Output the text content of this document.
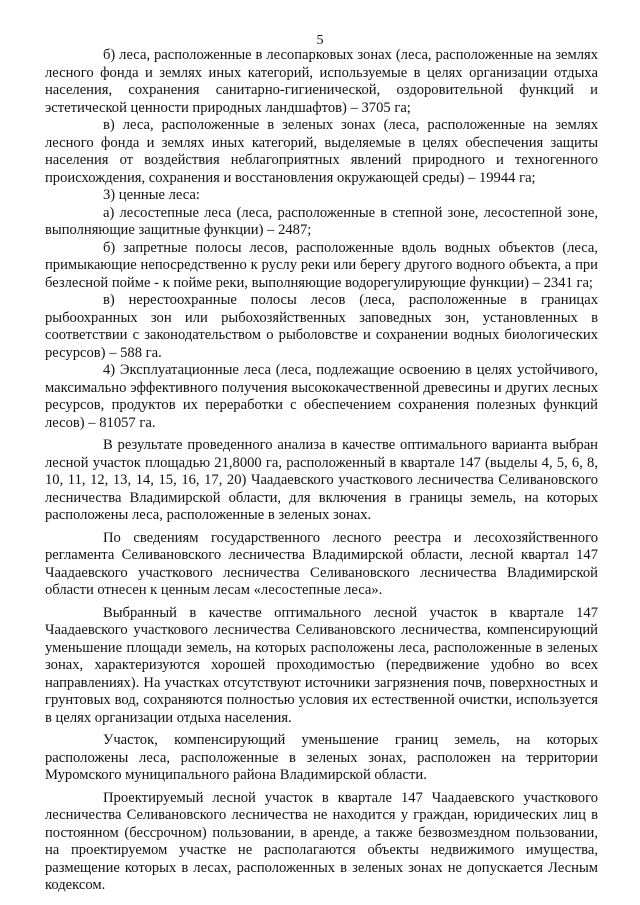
5

б) леса, расположенные в лесопарковых зонах (леса, расположенные на землях лесного фонда и землях иных категорий, используемые в целях организации отдыха населения, сохранения санитарно-гигиенической, оздоровительной функций и эстетической ценности природных ландшафтов) – 3705 га;

в) леса, расположенные в зеленых зонах (леса, расположенные на землях лесного фонда и землях иных категорий, выделяемые в целях обеспечения защиты населения от воздействия неблагоприятных явлений природного и техногенного происхождения, сохранения и восстановления окружающей среды) – 19944 га;

3) ценные леса:

а) лесостепные леса (леса, расположенные в степной зоне, лесостепной зоне, выполняющие защитные функции) – 2487;

б) запретные полосы лесов, расположенные вдоль водных объектов (леса, примыкающие непосредственно к руслу реки или берегу другого водного объекта, а при безлесной пойме - к пойме реки, выполняющие водорегулирующие функции) – 2341 га;

в) нерестоохранные полосы лесов (леса, расположенные в границах рыбоохранных зон или рыбохозяйственных заповедных зон, установленных в соответствии с законодательством о рыболовстве и сохранении водных биологических ресурсов) – 588 га.

4) Эксплуатационные леса (леса, подлежащие освоению в целях устойчивого, максимально эффективного получения высококачественной древесины и других лесных ресурсов, продуктов их переработки с обеспечением сохранения полезных функций лесов) – 81057 га.

В результате проведенного анализа в качестве оптимального варианта выбран лесной участок площадью 21,8000 га, расположенный в квартале 147 (выделы 4, 5, 6, 8, 10, 11, 12, 13, 14, 15, 16, 17, 20) Чаадаевского участкового лесничества Селивановского лесничества Владимирской области, для включения в границы земель, на которых расположены леса, расположенные в зеленых зонах.

По сведениям государственного лесного реестра и лесохозяйственного регламента Селивановского лесничества Владимирской области, лесной квартал 147 Чаадаевского участкового лесничества Селивановского лесничества Владимирской области отнесен к ценным лесам «лесостепные леса».

Выбранный в качестве оптимального лесной участок в квартале 147 Чаадаевского участкового лесничества Селивановского лесничества, компенсирующий уменьшение площади земель, на которых расположены леса, расположенные в зеленых зонах, характеризуются хорошей проходимостью (передвижение удобно во всех направлениях). На участках отсутствуют источники загрязнения почв, поверхностных и грунтовых вод, сохраняются полностью условия их естественной очистки, используется в целях организации отдыха населения.

Участок, компенсирующий уменьшение границ земель, на которых расположены леса, расположенные в зеленых зонах, расположен на территории Муромского муниципального района Владимирской области.

Проектируемый лесной участок в квартале 147 Чаадаевского участкового лесничества Селивановского лесничества не находится у граждан, юридических лиц в постоянном (бессрочном) пользовании, в аренде, а также безвозмездном пользовании, на проектируемом участке не располагаются объекты недвижимого имущества, размещение которых в лесах, расположенных в зеленых зонах не допускается Лесным кодексом.
